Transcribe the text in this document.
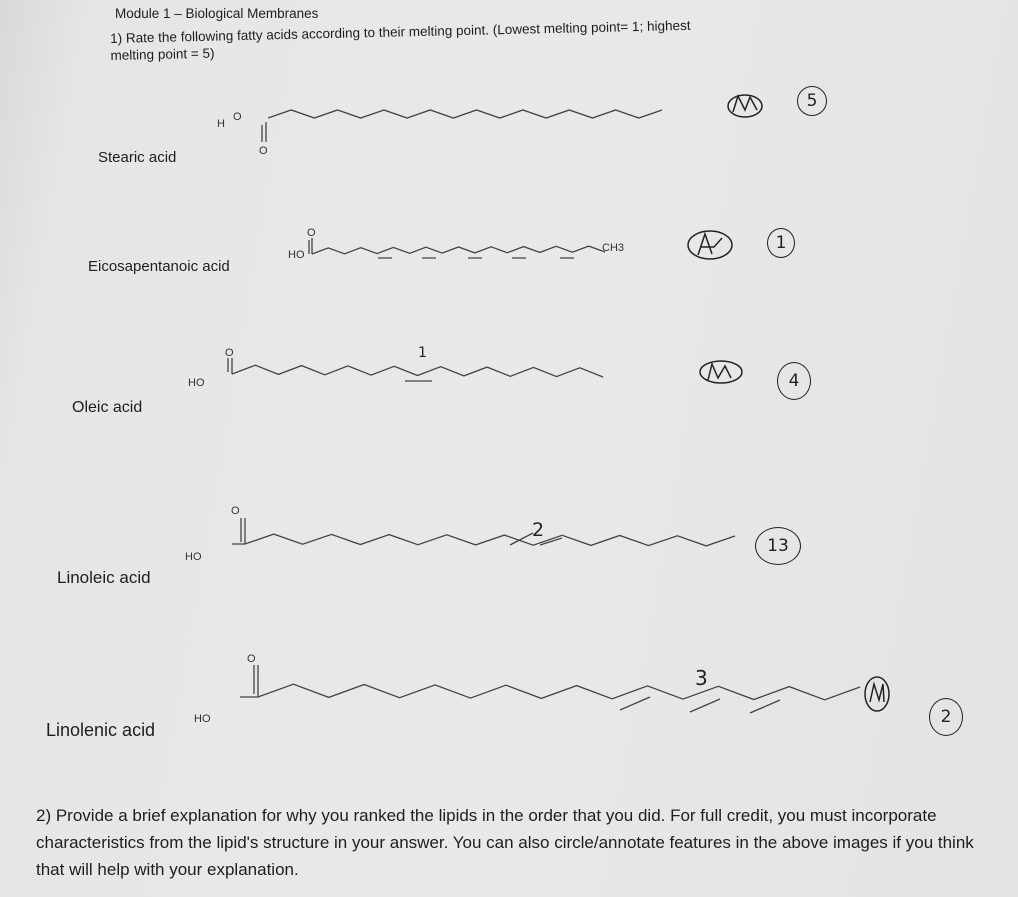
Module 1 – Biological Membranes
1) Rate the following fatty acids according to their melting point. (Lowest melting point= 1; highest
melting point = 5)
Stearic acid
Eicosapentanoic acid
Oleic acid
Linoleic acid
Linolenic acid
H
O
O
HO
O
CH3
HO
O
HO
O
HO
O
5
1
4
13
2
1
2
3
2) Provide a brief explanation for why you ranked the lipids in the order that you did. For full credit, you must incorporate characteristics from the lipid's structure in your answer. You can also circle/annotate features in the above images if you think that will help with your explanation.
